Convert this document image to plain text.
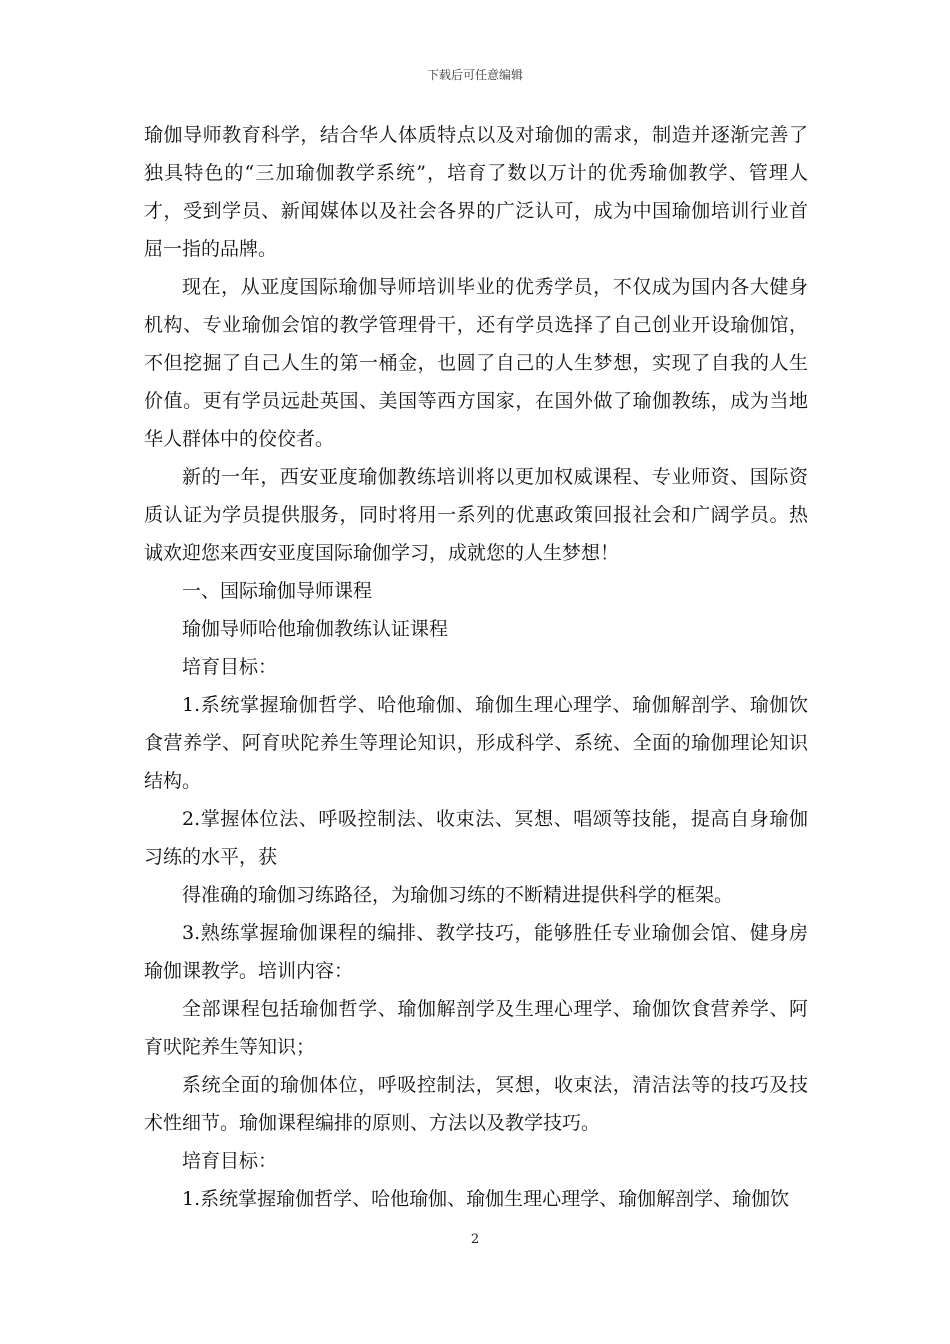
下载后可任意编辑

瑜伽导师教育科学，结合华人体质特点以及对瑜伽的需求，制造并逐渐完善了独具特色的“三加瑜伽教学系统”，培育了数以万计的优秀瑜伽教学、管理人才，受到学员、新闻媒体以及社会各界的广泛认可，成为中国瑜伽培训行业首屈一指的品牌。

现在，从亚度国际瑜伽导师培训毕业的优秀学员，不仅成为国内各大健身机构、专业瑜伽会馆的教学管理骨干，还有学员选择了自己创业开设瑜伽馆，不但挖掘了自己人生的第一桶金，也圆了自己的人生梦想，实现了自我的人生价值。更有学员远赴英国、美国等西方国家，在国外做了瑜伽教练，成为当地华人群体中的佼佼者。

新的一年，西安亚度瑜伽教练培训将以更加权威课程、专业师资、国际资质认证为学员提供服务，同时将用一系列的优惠政策回报社会和广阔学员。热诚欢迎您来西安亚度国际瑜伽学习，成就您的人生梦想！

一、国际瑜伽导师课程

瑜伽导师哈他瑜伽教练认证课程

培育目标：

1.系统掌握瑜伽哲学、哈他瑜伽、瑜伽生理心理学、瑜伽解剖学、瑜伽饮食营养学、阿育吠陀养生等理论知识，形成科学、系统、全面的瑜伽理论知识结构。

2.掌握体位法、呼吸控制法、收束法、冥想、唱颂等技能，提高自身瑜伽习练的水平，获

得准确的瑜伽习练路径，为瑜伽习练的不断精进提供科学的框架。

3.熟练掌握瑜伽课程的编排、教学技巧，能够胜任专业瑜伽会馆、健身房瑜伽课教学。培训内容：

全部课程包括瑜伽哲学、瑜伽解剖学及生理心理学、瑜伽饮食营养学、阿育吠陀养生等知识；

系统全面的瑜伽体位，呼吸控制法，冥想，收束法，清洁法等的技巧及技术性细节。瑜伽课程编排的原则、方法以及教学技巧。

培育目标：

1.系统掌握瑜伽哲学、哈他瑜伽、瑜伽生理心理学、瑜伽解剖学、瑜伽饮

2
